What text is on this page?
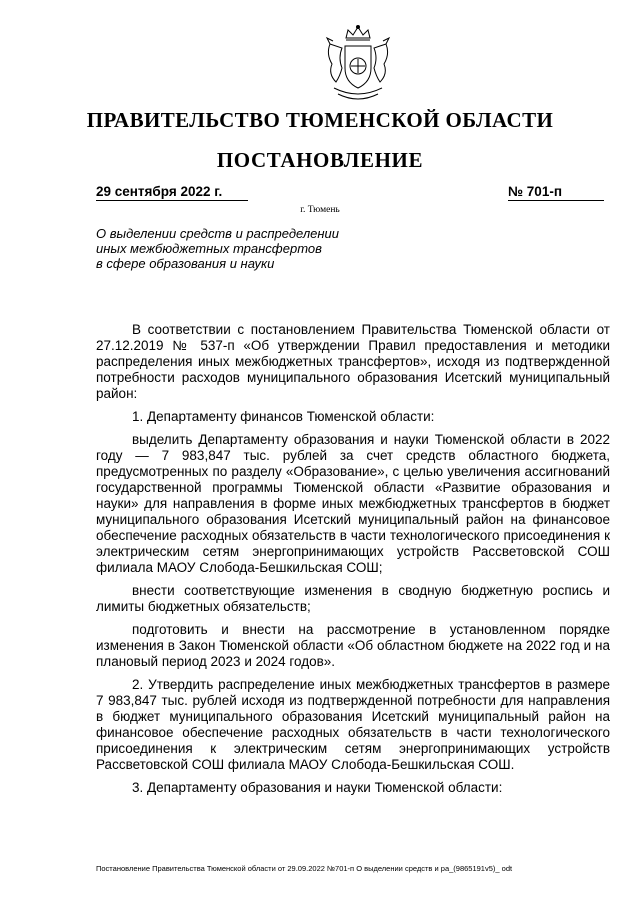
ПРАВИТЕЛЬСТВО ТЮМЕНСКОЙ ОБЛАСТИ
ПОСТАНОВЛЕНИЕ
29 сентября 2022 г.	№ 701-п
г. Тюмень
О выделении средств и распределении
иных межбюджетных трансфертов
в сфере образования и науки

В соответствии с постановлением Правительства Тюменской области от 27.12.2019 № 537-п «Об утверждении Правил предоставления и методики распределения иных межбюджетных трансфертов», исходя из подтвержденной потребности расходов муниципального образования Исетский муниципальный район:

1. Департаменту финансов Тюменской области:

выделить Департаменту образования и науки Тюменской области в 2022 году — 7 983,847 тыс. рублей за счет средств областного бюджета, предусмотренных по разделу «Образование», с целью увеличения ассигнований государственной программы Тюменской области «Развитие образования и науки» для направления в форме иных межбюджетных трансфертов в бюджет муниципального образования Исетский муниципальный район на финансовое обеспечение расходных обязательств в части технологического присоединения к электрическим сетям энергопринимающих устройств Рассветовской СОШ филиала МАОУ Слобода-Бешкильская СОШ;

внести соответствующие изменения в сводную бюджетную роспись и лимиты бюджетных обязательств;

подготовить и внести на рассмотрение в установленном порядке изменения в Закон Тюменской области «Об областном бюджете на 2022 год и на плановый период 2023 и 2024 годов».

2. Утвердить распределение иных межбюджетных трансфертов в размере 7 983,847 тыс. рублей исходя из подтвержденной потребности для направления в бюджет муниципального образования Исетский муниципальный район на финансовое обеспечение расходных обязательств в части технологического присоединения к электрическим сетям энергопринимающих устройств Рассветовской СОШ филиала МАОУ Слобода-Бешкильская СОШ.

3. Департаменту образования и науки Тюменской области:

Постановление Правительства Тюменской области от 29.09.2022 №701-п О выделении средств и ра_(9865191v5)_ odt
